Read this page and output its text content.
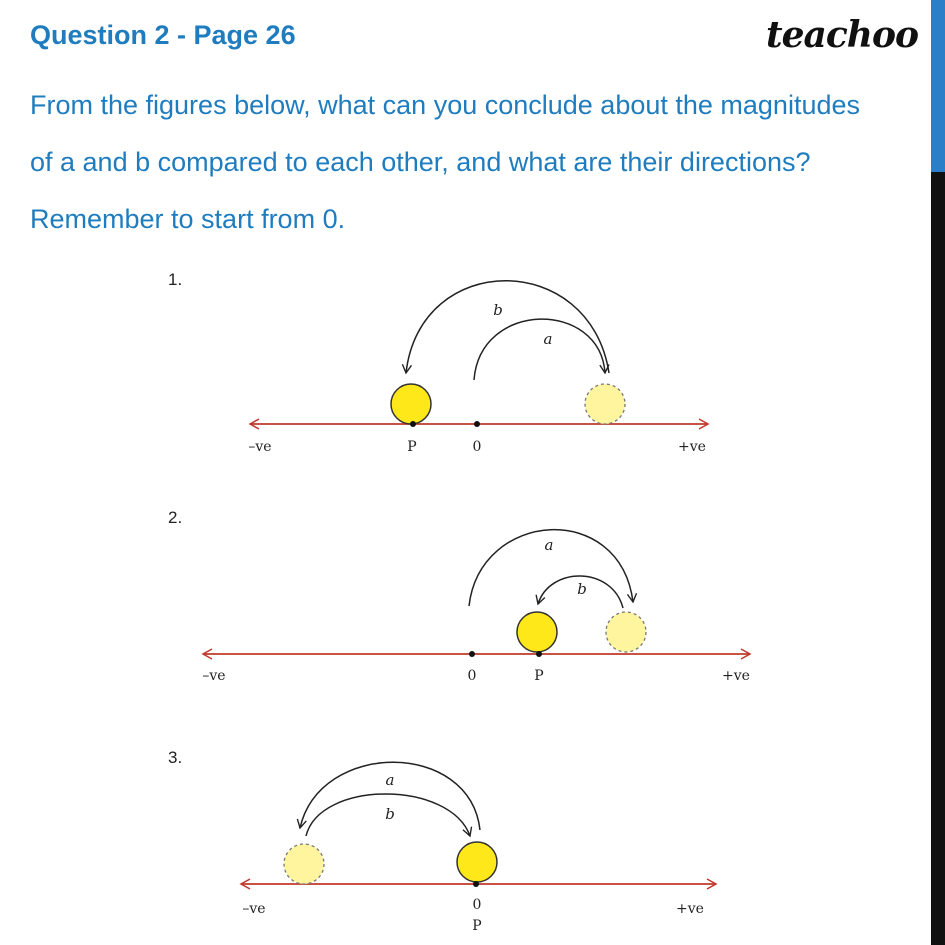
Question 2 - Page 26	teachoo
From the figures below, what can you conclude about the magnitudes
of a and b compared to each other, and what are their directions?
Remember to start from 0.
1.
a
b
–ve	P	0	+ve
2.
a
b
–ve	0	P	+ve
3.
a
b
–ve	0
P
+ve
